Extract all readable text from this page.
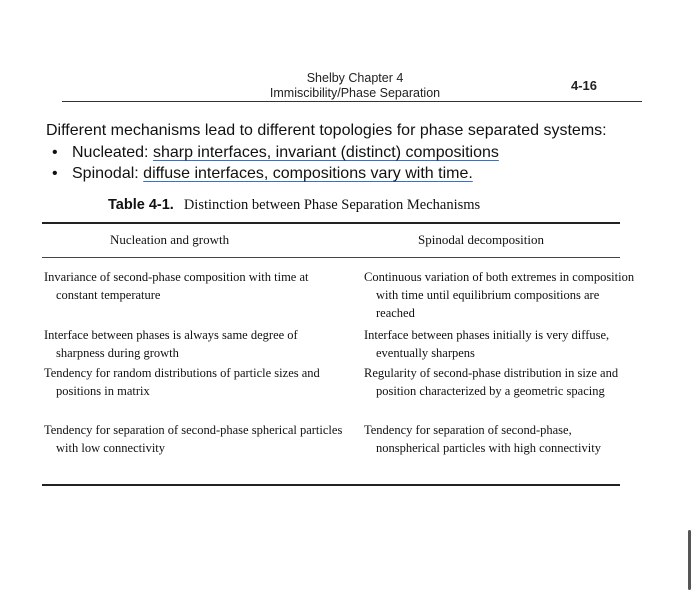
Shelby Chapter 4
Immiscibility/Phase Separation	4-16
Different mechanisms lead to different topologies for phase separated systems:
• Nucleated: sharp interfaces, invariant (distinct) compositions
• Spinodal: diffuse interfaces, compositions vary with time.
Table 4-1. Distinction between Phase Separation Mechanisms
Nucleation and growth	Spinodal decomposition

Invariance of second-phase composition with time at constant temperature

Interface between phases is always same degree of sharpness during growth

Tendency for random distributions of particle sizes and positions in matrix

Tendency for separation of second-phase spherical particles with low connectivity

Continuous variation of both extremes in composition with time until equilibrium compositions are reached

Interface between phases initially is very diffuse, eventually sharpens

Regularity of second-phase distribution in size and position characterized by a geometric spacing

Tendency for separation of second-phase, nonspherical particles with high connectivity
